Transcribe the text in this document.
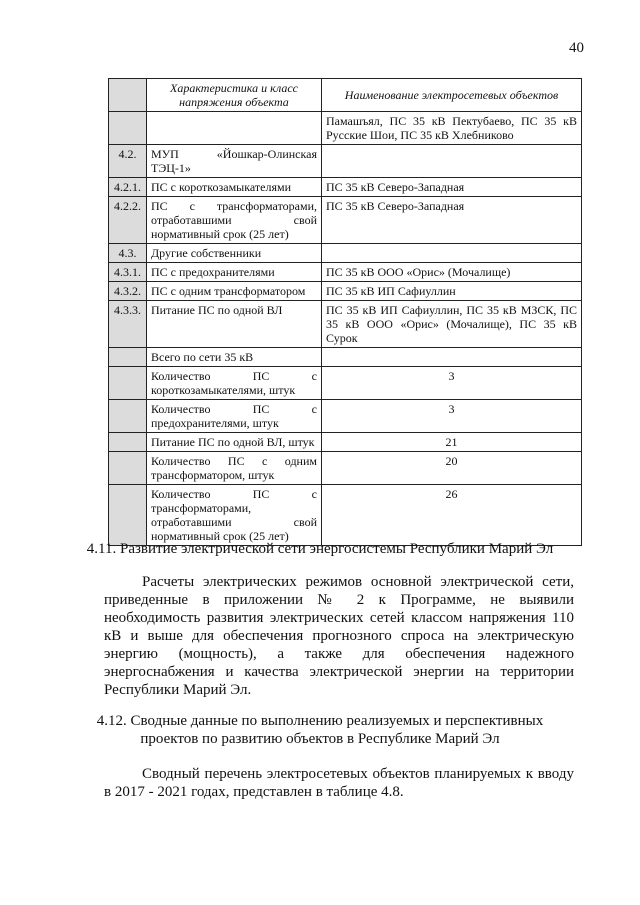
40
	Характеристика и класс напряжения объекта	Наименование электросетевых объектов
		Памашъял, ПС 35 кВ Пектубаево, ПС 35 кВ Русские Шои, ПС 35 кВ Хлебниково
4.2.	МУП «Йошкар-Олинская ТЭЦ-1»	
4.2.1.	ПС с короткозамыкателями	ПС 35 кВ Северо-Западная
4.2.2.	ПС с трансформаторами, отработавшими свой нормативный срок (25 лет)	ПС 35 кВ Северо-Западная
4.3.	Другие собственники	
4.3.1.	ПС с предохранителями	ПС 35 кВ ООО «Орис» (Мочалище)
4.3.2.	ПС с одним трансформатором	ПС 35 кВ ИП Сафиуллин
4.3.3.	Питание ПС по одной ВЛ	ПС 35 кВ ИП Сафиуллин, ПС 35 кВ МЗСК, ПС 35 кВ ООО «Орис» (Мочалище), ПС 35 кВ Сурок
	Всего по сети 35 кВ	
	Количество ПС с короткозамыкателями, штук	3
	Количество ПС с предохранителями, штук	3
	Питание ПС по одной ВЛ, штук	21
	Количество ПС с одним трансформатором, штук	20
	Количество ПС с трансформаторами, отработавшими свой нормативный срок (25 лет)	26
4.11. Развитие электрической сети энергосистемы Республики Марий Эл
Расчеты электрических режимов основной электрической сети, приведенные в приложении № 2 к Программе, не выявили необходимость развития электрических сетей классом напряжения 110 кВ и выше для обеспечения прогнозного спроса на электрическую энергию (мощность), а также для обеспечения надежного энергоснабжения и качества электрической энергии на территории Республики Марий Эл.
4.12. Сводные данные по выполнению реализуемых и перспективных
проектов по развитию объектов в Республике Марий Эл
Сводный перечень электросетевых объектов планируемых к вводу в 2017 - 2021 годах, представлен в таблице 4.8.
